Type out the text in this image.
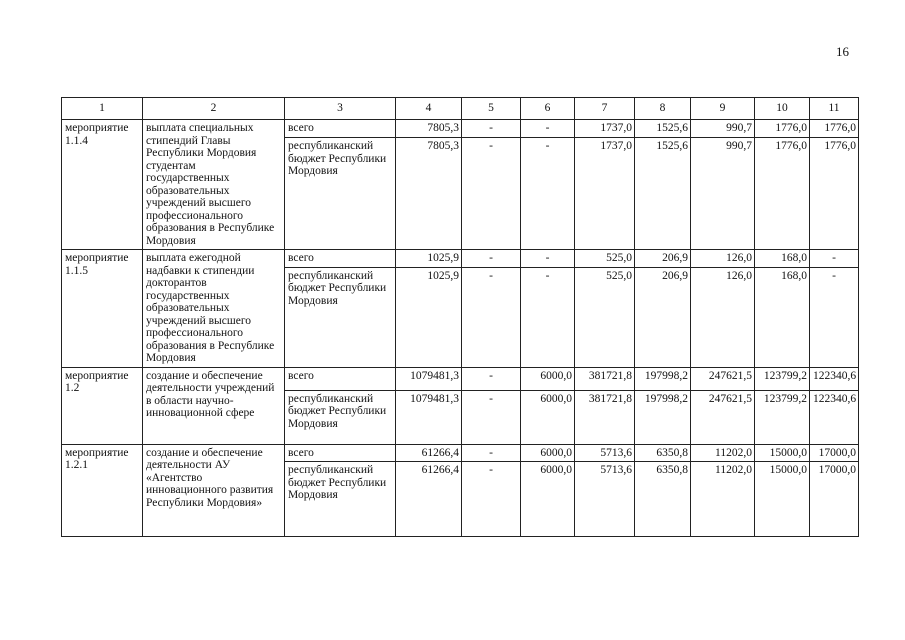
16
1	2	3	4	5	6	7	8	9	10	11
мероприятие 1.1.4	выплата специальных стипендий Главы Республики Мордовия студентам государственных образовательных учреждений высшего профессионального образования в Республике Мордовия	всего	7805,3	-	-	1737,0	1525,6	990,7	1776,0	1776,0
		республиканский бюджет Республики Мордовия	7805,3	-	-	1737,0	1525,6	990,7	1776,0	1776,0
мероприятие 1.1.5	выплата ежегодной надбавки к стипендии докторантов государственных образовательных учреждений высшего профессионального образования в Республике Мордовия	всего	1025,9	-	-	525,0	206,9	126,0	168,0	-
		республиканский бюджет Республики Мордовия	1025,9	-	-	525,0	206,9	126,0	168,0	-
мероприятие 1.2	создание и обеспечение деятельности учреждений в области научно-инновационной сфере	всего	1079481,3	-	6000,0	381721,8	197998,2	247621,5	123799,2	122340,6
		республиканский бюджет Республики Мордовия	1079481,3	-	6000,0	381721,8	197998,2	247621,5	123799,2	122340,6
мероприятие 1.2.1	создание и обеспечение деятельности АУ «Агентство инновационного развития Республики Мордовия»	всего	61266,4	-	6000,0	5713,6	6350,8	11202,0	15000,0	17000,0
		республиканский бюджет Республики Мордовия	61266,4	-	6000,0	5713,6	6350,8	11202,0	15000,0	17000,0
